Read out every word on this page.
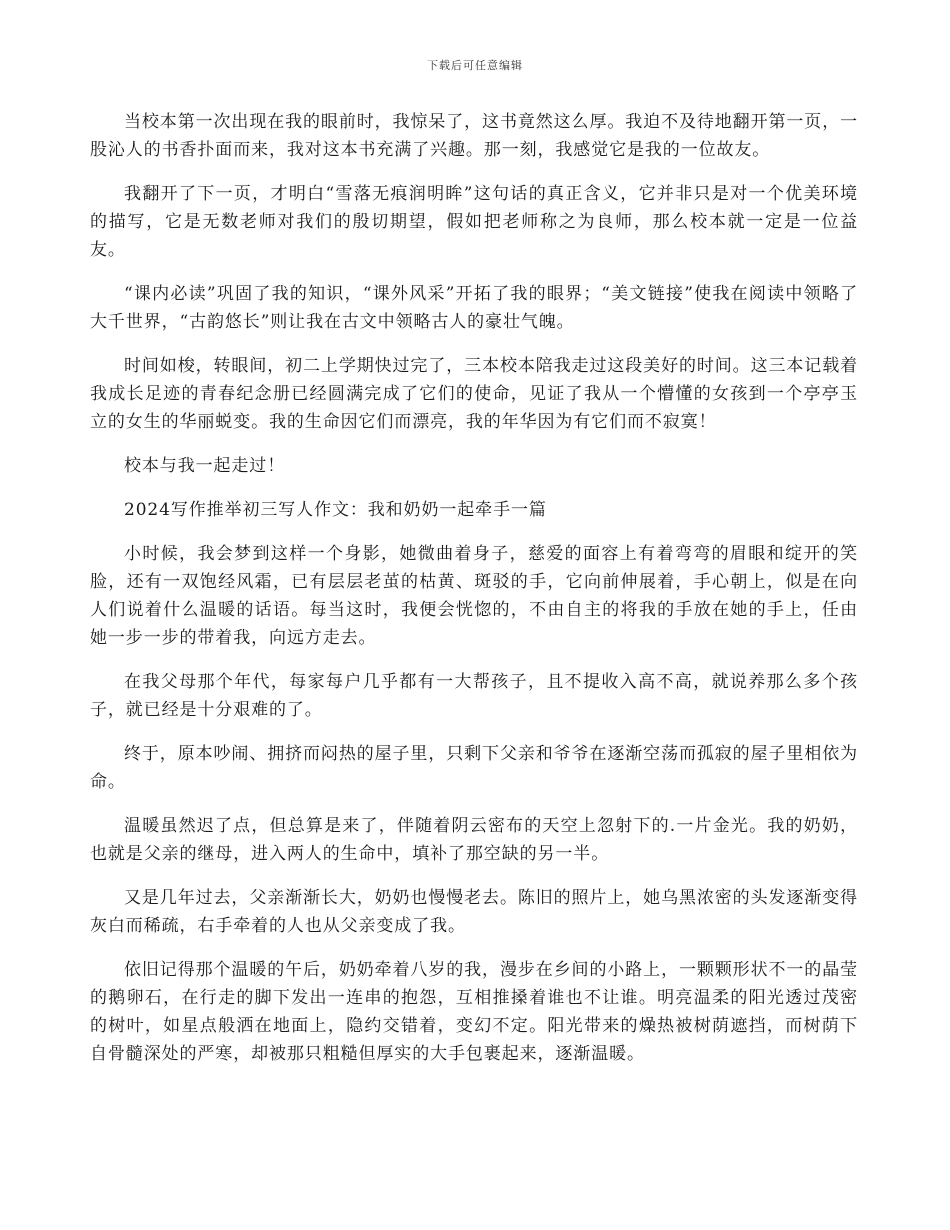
下载后可任意编辑

当校本第一次出现在我的眼前时，我惊呆了，这书竟然这么厚。我迫不及待地翻开第一页，一股沁人的书香扑面而来，我对这本书充满了兴趣。那一刻，我感觉它是我的一位故友。

我翻开了下一页，才明白“雪落无痕润明眸”这句话的真正含义，它并非只是对一个优美环境的描写，它是无数老师对我们的殷切期望，假如把老师称之为良师，那么校本就一定是一位益友。

“课内必读”巩固了我的知识，“课外风采”开拓了我的眼界；“美文链接”使我在阅读中领略了大千世界，“古韵悠长”则让我在古文中领略古人的豪壮气魄。

时间如梭，转眼间，初二上学期快过完了，三本校本陪我走过这段美好的时间。这三本记载着我成长足迹的青春纪念册已经圆满完成了它们的使命，见证了我从一个懵懂的女孩到一个亭亭玉立的女生的华丽蜕变。我的生命因它们而漂亮，我的年华因为有它们而不寂寞！

校本与我一起走过！

2024写作推举初三写人作文：我和奶奶一起牵手一篇

小时候，我会梦到这样一个身影，她微曲着身子，慈爱的面容上有着弯弯的眉眼和绽开的笑脸，还有一双饱经风霜，已有层层老茧的枯黄、斑驳的手，它向前伸展着，手心朝上，似是在向人们说着什么温暖的话语。每当这时，我便会恍惚的，不由自主的将我的手放在她的手上，任由她一步一步的带着我，向远方走去。

在我父母那个年代，每家每户几乎都有一大帮孩子，且不提收入高不高，就说养那么多个孩子，就已经是十分艰难的了。

终于，原本吵闹、拥挤而闷热的屋子里，只剩下父亲和爷爷在逐渐空荡而孤寂的屋子里相依为命。

温暖虽然迟了点，但总算是来了，伴随着阴云密布的天空上忽射下的.一片金光。我的奶奶，也就是父亲的继母，进入两人的生命中，填补了那空缺的另一半。

又是几年过去，父亲渐渐长大，奶奶也慢慢老去。陈旧的照片上，她乌黑浓密的头发逐渐变得灰白而稀疏，右手牵着的人也从父亲变成了我。

依旧记得那个温暖的午后，奶奶牵着八岁的我，漫步在乡间的小路上，一颗颗形状不一的晶莹的鹅卵石，在行走的脚下发出一连串的抱怨，互相推搡着谁也不让谁。明亮温柔的阳光透过茂密的树叶，如星点般洒在地面上，隐约交错着，变幻不定。阳光带来的燥热被树荫遮挡，而树荫下自骨髓深处的严寒，却被那只粗糙但厚实的大手包裹起来，逐渐温暖。
